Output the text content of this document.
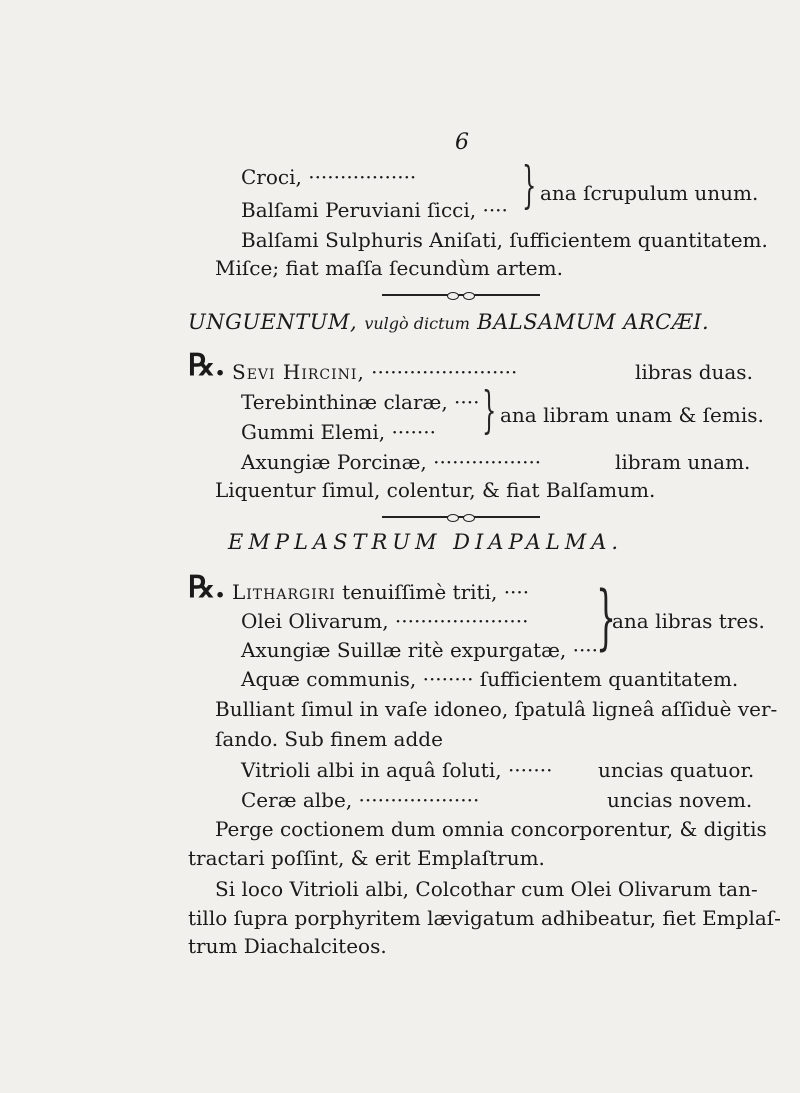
6
Croci, ·················
Balſami Peruviani ſicci, ···· } ana ſcrupulum unum.
Balſami Sulphuris Aniſati, ſufficientem quantitatem.
Miſce; fiat maſſa ſecundùm artem.
UNGUENTUM, vulgò dictum BALSAMUM ARCÆI.
℞. Sevi Hircini, ·······················	libras duas.
Terebinthinæ claræ, ····
Gummi Elemi, ······· } ana libram unam & ſemis.
Axungiæ Porcinæ, ·················	libram unam.
Liquentur ſimul, colentur, & fiat Balſamum.
EMPLASTRUM DIAPALMA.
℞. Lithargiri tenuiſſimè triti, ····
Olei Olivarum, ·····················
Axungiæ Suillæ ritè expurgatæ, ····
}
ana libras tres.
Aquæ communis, ········ ſufficientem quantitatem.
Bulliant ſimul in vaſe idoneo, ſpatulâ ligneâ aſſiduè ver-
ſando. Sub finem adde
Vitrioli albi in aquâ ſoluti, ······· uncias quatuor.
Ceræ albe, ···················	uncias novem.
Perge coctionem dum omnia concorporentur, & digitis
tractari poſſint, & erit Emplaſtrum.
Si loco Vitrioli albi, Colcothar cum Olei Olivarum tan-
tillo ſupra porphyritem lævigatum adhibeatur, fiet Emplaſ-
trum Diachalciteos.
